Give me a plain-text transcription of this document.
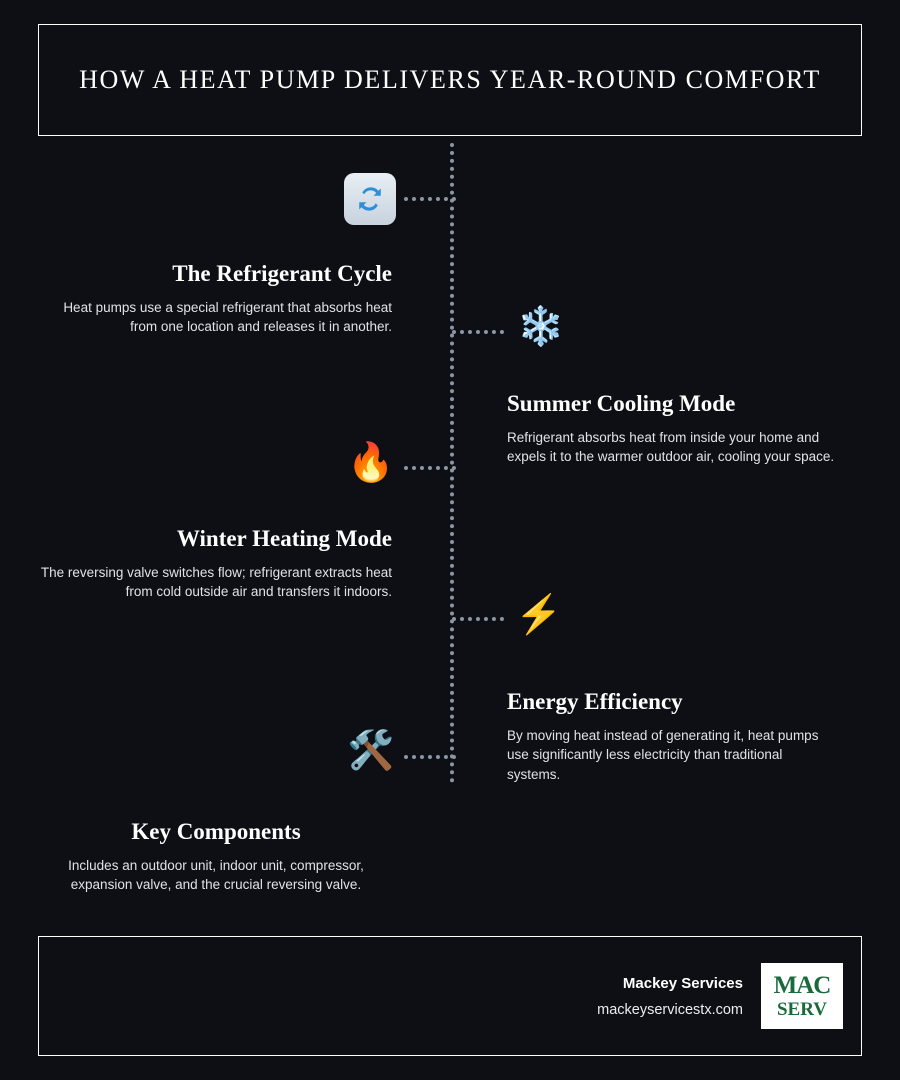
HOW A HEAT PUMP DELIVERS YEAR-ROUND COMFORT
The Refrigerant Cycle
Heat pumps use a special refrigerant that absorbs heat from one location and releases it in another.	❄️
Summer Cooling Mode
Refrigerant absorbs heat from inside your home and expels it to the warmer outdoor air, cooling your space.
🔥
Winter Heating Mode
The reversing valve switches flow; refrigerant extracts heat from cold outside air and transfers it indoors.
⚡
Energy Efficiency
By moving heat instead of generating it, heat pumps use significantly less electricity than traditional systems.
🛠️
Key Components
Includes an outdoor unit, indoor unit, compressor, expansion valve, and the crucial reversing valve.
Mackey Services
mackeyservicestx.com
MAC
SERV
